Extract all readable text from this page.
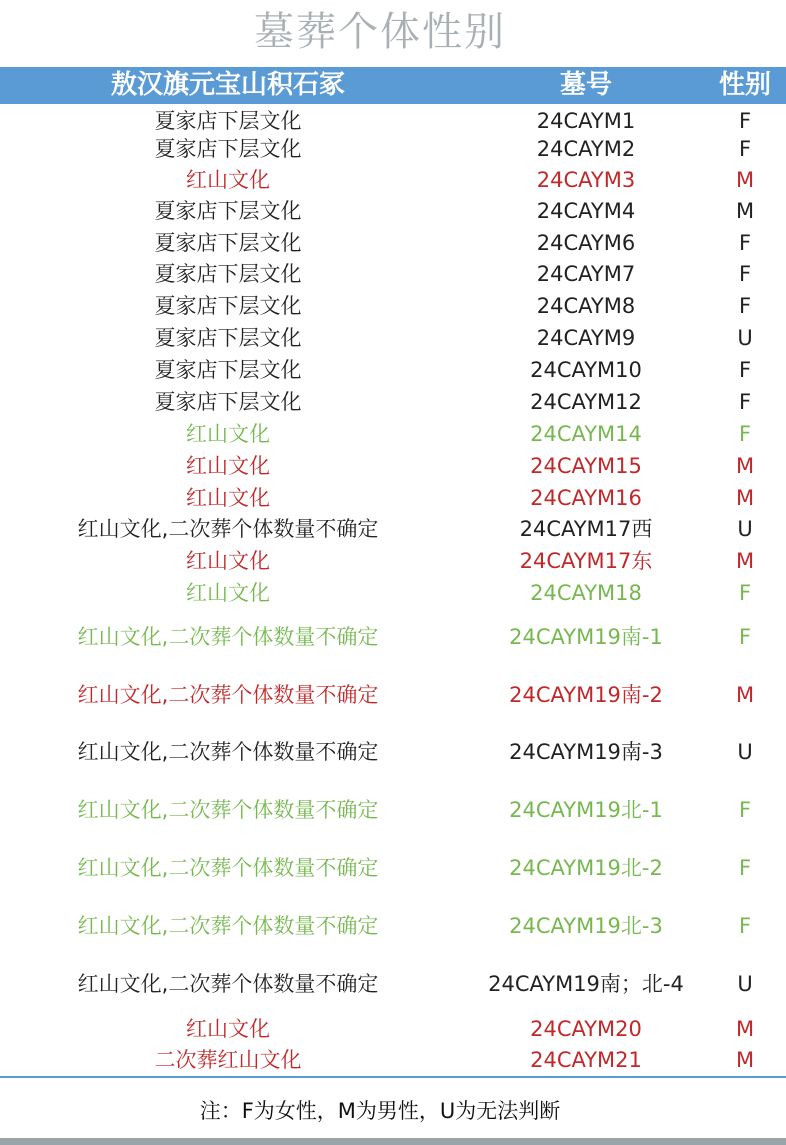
墓葬个体性别
敖汉旗元宝山积石冢	墓号	性别
夏家店下层文化	24CAYM1	F
夏家店下层文化	24CAYM2	F
红山文化	24CAYM3	M
夏家店下层文化	24CAYM4	M
夏家店下层文化	24CAYM6	F
夏家店下层文化	24CAYM7	F
夏家店下层文化	24CAYM8	F
夏家店下层文化	24CAYM9	U
夏家店下层文化	24CAYM10	F
夏家店下层文化	24CAYM12	F
红山文化	24CAYM14	F
红山文化	24CAYM15	M
红山文化	24CAYM16	M
红山文化,二次葬个体数量不确定	24CAYM17西	U
红山文化	24CAYM17东	M
红山文化	24CAYM18	F
红山文化,二次葬个体数量不确定	24CAYM19南-1	F
红山文化,二次葬个体数量不确定	24CAYM19南-2	M
红山文化,二次葬个体数量不确定	24CAYM19南-3	U
红山文化,二次葬个体数量不确定	24CAYM19北-1	F
红山文化,二次葬个体数量不确定	24CAYM19北-2	F
红山文化,二次葬个体数量不确定	24CAYM19北-3	F
红山文化,二次葬个体数量不确定	24CAYM19南；北-4	U
红山文化	24CAYM20	M
二次葬红山文化	24CAYM21	M
注：F为女性，M为男性，U为无法判断
